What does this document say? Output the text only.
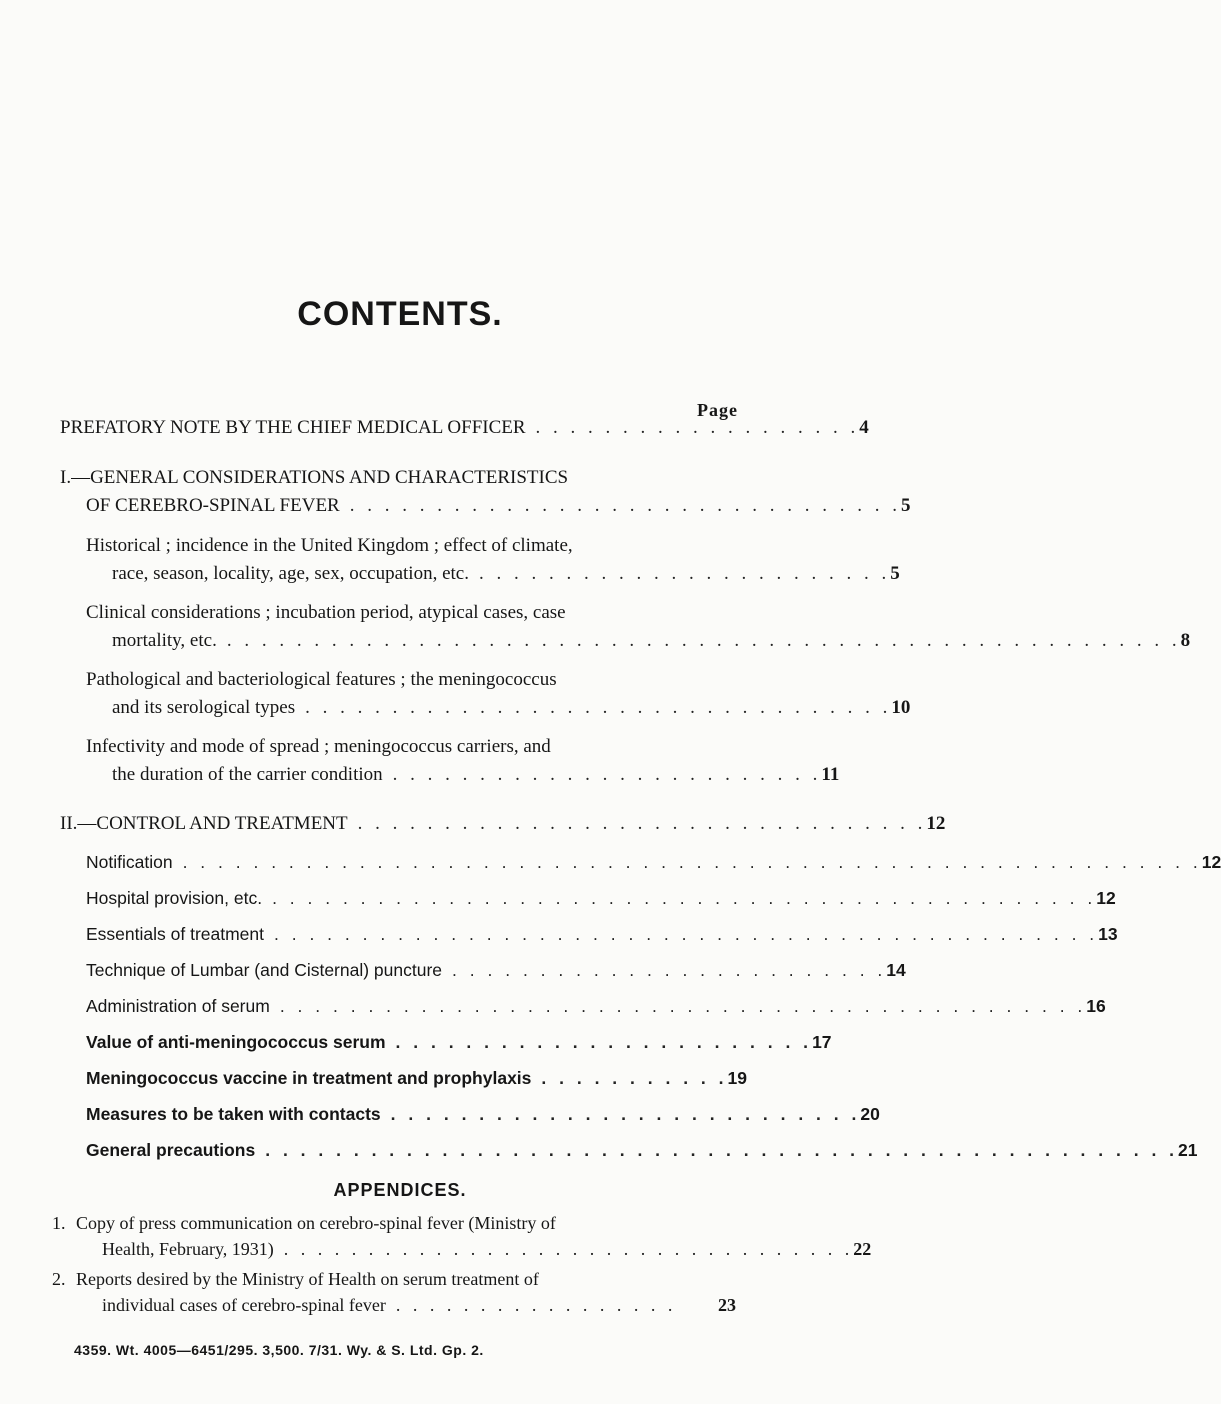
CONTENTS.
Page
PREFATORY NOTE BY THE CHIEF MEDICAL OFFICER . . . . . . . . . . . . . . . . . . . 4
I.—GENERAL CONSIDERATIONS AND CHARACTERISTICS
OF CEREBRO-SPINAL FEVER . . . . . . . . . . . . . . . . . . . . . . . . . . . . . . . . 5
Historical ; incidence in the United Kingdom ; effect of climate,
race, season, locality, age, sex, occupation, etc. . . . . . . . . . . . . . . . . . . . . . . . . 5
Clinical considerations ; incubation period, atypical cases, case
mortality, etc. . . . . . . . . . . . . . . . . . . . . . . . . . . . . . . . . . . . . . . . . . . . . . . . . . . . . . . . 8
Pathological and bacteriological features ; the meningococcus
and its serological types . . . . . . . . . . . . . . . . . . . . . . . . . . . . . . . . . . 10
Infectivity and mode of spread ; meningococcus carriers, and
the duration of the carrier condition . . . . . . . . . . . . . . . . . . . . . . . . . 11
II.—CONTROL AND TREATMENT . . . . . . . . . . . . . . . . . . . . . . . . . . . . . . . . . 12
Notification . . . . . . . . . . . . . . . . . . . . . . . . . . . . . . . . . . . . . . . . . . . . . . . . . . . . . . . . . . 12
Hospital provision, etc. . . . . . . . . . . . . . . . . . . . . . . . . . . . . . . . . . . . . . . . . . . . . . . . 12
Essentials of treatment . . . . . . . . . . . . . . . . . . . . . . . . . . . . . . . . . . . . . . . . . . . . . . . 13
Technique of Lumbar (and Cisternal) puncture . . . . . . . . . . . . . . . . . . . . . . . . . 14
Administration of serum . . . . . . . . . . . . . . . . . . . . . . . . . . . . . . . . . . . . . . . . . . . . . . 16
Value of anti-meningococcus serum . . . . . . . . . . . . . . . . . . . . . . . . 17
Meningococcus vaccine in treatment and prophylaxis . . . . . . . . . . . 19
Measures to be taken with contacts . . . . . . . . . . . . . . . . . . . . . . . . . . . 20
General precautions . . . . . . . . . . . . . . . . . . . . . . . . . . . . . . . . . . . . . . . . . . . . . . . . . . . . 21
APPENDICES.
1. Copy of press communication on cerebro-spinal fever (Ministry of
Health, February, 1931) . . . . . . . . . . . . . . . . . . . . . . . . . . . . . . . . . . 22
2. Reports desired by the Ministry of Health on serum treatment of
individual cases of cerebro-spinal fever . . . . . . . . . . . . . . . . .	23
4359. Wt. 4005—6451/295. 3,500. 7/31. Wy. & S. Ltd. Gp. 2.
